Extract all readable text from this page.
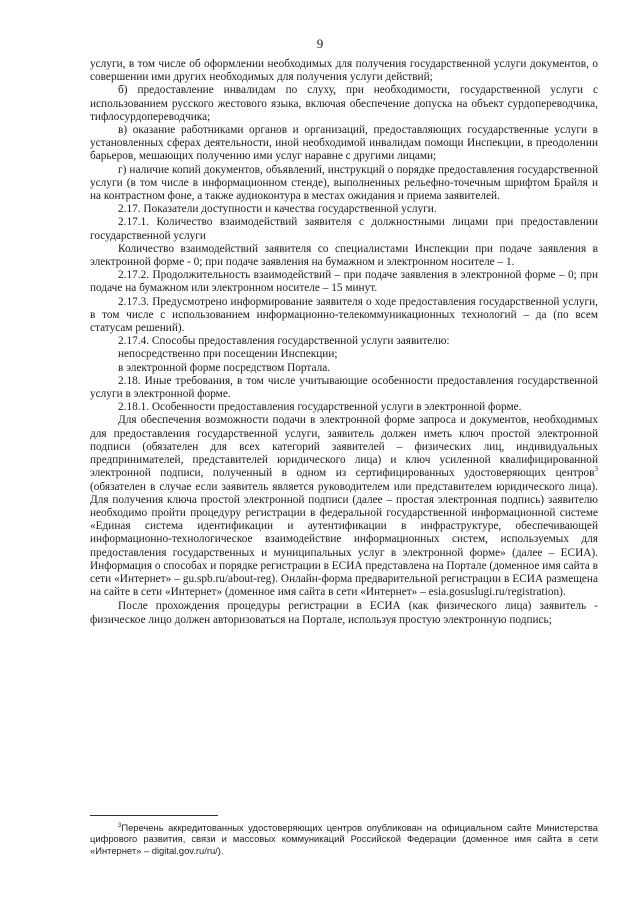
9

услуги, в том числе об оформлении необходимых для получения государственной услуги документов, о совершении ими других необходимых для получения услуги действий;

б) предоставление инвалидам по слуху, при необходимости, государственной услуги с использованием русского жестового языка, включая обеспечение допуска на объект сурдопереводчика, тифлосурдопереводчика;

в) оказание работниками органов и организаций, предоставляющих государственные услуги в установленных сферах деятельности, иной необходимой инвалидам помощи Инспекции, в преодолении барьеров, мешающих получению ими услуг наравне с другими лицами;

г) наличие копий документов, объявлений, инструкций о порядке предоставления государственной услуги (в том числе в информационном стенде), выполненных рельефно-точечным шрифтом Брайля и на контрастном фоне, а также аудиоконтура в местах ожидания и приема заявителей.

2.17. Показатели доступности и качества государственной услуги.

2.17.1. Количество взаимодействий заявителя с должностными лицами при предоставлении государственной услуги

Количество взаимодействий заявителя со специалистами Инспекции при подаче заявления в электронной форме - 0; при подаче заявления на бумажном и электронном носителе – 1.

2.17.2. Продолжительность взаимодействий – при подаче заявления в электронной форме – 0; при подаче на бумажном или электронном носителе – 15 минут.

2.17.3. Предусмотрено информирование заявителя о ходе предоставления государственной услуги, в том числе с использованием информационно-телекоммуникационных технологий – да (по всем статусам решений).

2.17.4. Способы предоставления государственной услуги заявителю:

непосредственно при посещении Инспекции;

в электронной форме посредством Портала.

2.18. Иные требования, в том числе учитывающие особенности предоставления государственной услуги в электронной форме.

2.18.1. Особенности предоставления государственной услуги в электронной форме.

Для обеспечения возможности подачи в электронной форме запроса и документов, необходимых для предоставления государственной услуги, заявитель должен иметь ключ простой электронной подписи (обязателен для всех категорий заявителей – физических лиц, индивидуальных предпринимателей, представителей юридического лица) и ключ усиленной квалифицированной электронной подписи, полученный в одном из сертифицированных удостоверяющих центров$^3$ (обязателен в случае если заявитель является руководителем или представителем юридического лица). Для получения ключа простой электронной подписи (далее – простая электронная подпись) заявителю необходимо пройти процедуру регистрации в федеральной государственной информационной системе «Единая система идентификации и аутентификации в инфраструктуре, обеспечивающей информационно-технологическое взаимодействие информационных систем, используемых для предоставления государственных и муниципальных услуг в электронной форме» (далее – ЕСИА). Информация о способах и порядке регистрации в ЕСИА представлена на Портале (доменное имя сайта в сети «Интернет» – gu.spb.ru/about-reg). Онлайн-форма предварительной регистрации в ЕСИА размещена на сайте в сети «Интернет» (доменное имя сайта в сети «Интернет» – esia.gosuslugi.ru/registration).

После прохождения процедуры регистрации в ЕСИА (как физического лица) заявитель - физическое лицо должен авторизоваться на Портале, используя простую электронную подпись;

$^3$Перечень аккредитованных удостоверяющих центров опубликован на официальном сайте Министерства цифрового развития, связи и массовых коммуникаций Российской Федерации (доменное имя сайта в сети «Интернет» – digital.gov.ru/ru/).
